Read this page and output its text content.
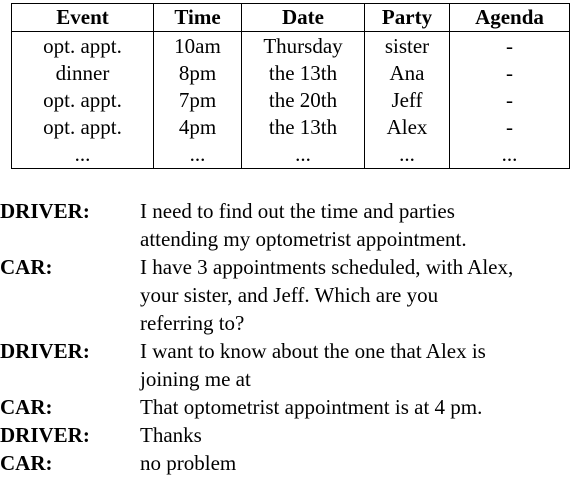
Event	Time	Date	Party	Agenda
opt. appt.	10am	Thursday	sister	-
dinner	8pm	the 13th	Ana	-
opt. appt.	7pm	the 20th	Jeff	-
opt. appt.	4pm	the 13th	Alex	-
...	...	...	...	...
DRIVER:	I need to find out the time and parties
attending my optometrist appointment.
CAR:	I have 3 appointments scheduled, with Alex,
your sister, and Jeff. Which are you
referring to?
DRIVER:	I want to know about the one that Alex is
joining me at
CAR:	That optometrist appointment is at 4 pm.
DRIVER:	Thanks
CAR:	no problem
